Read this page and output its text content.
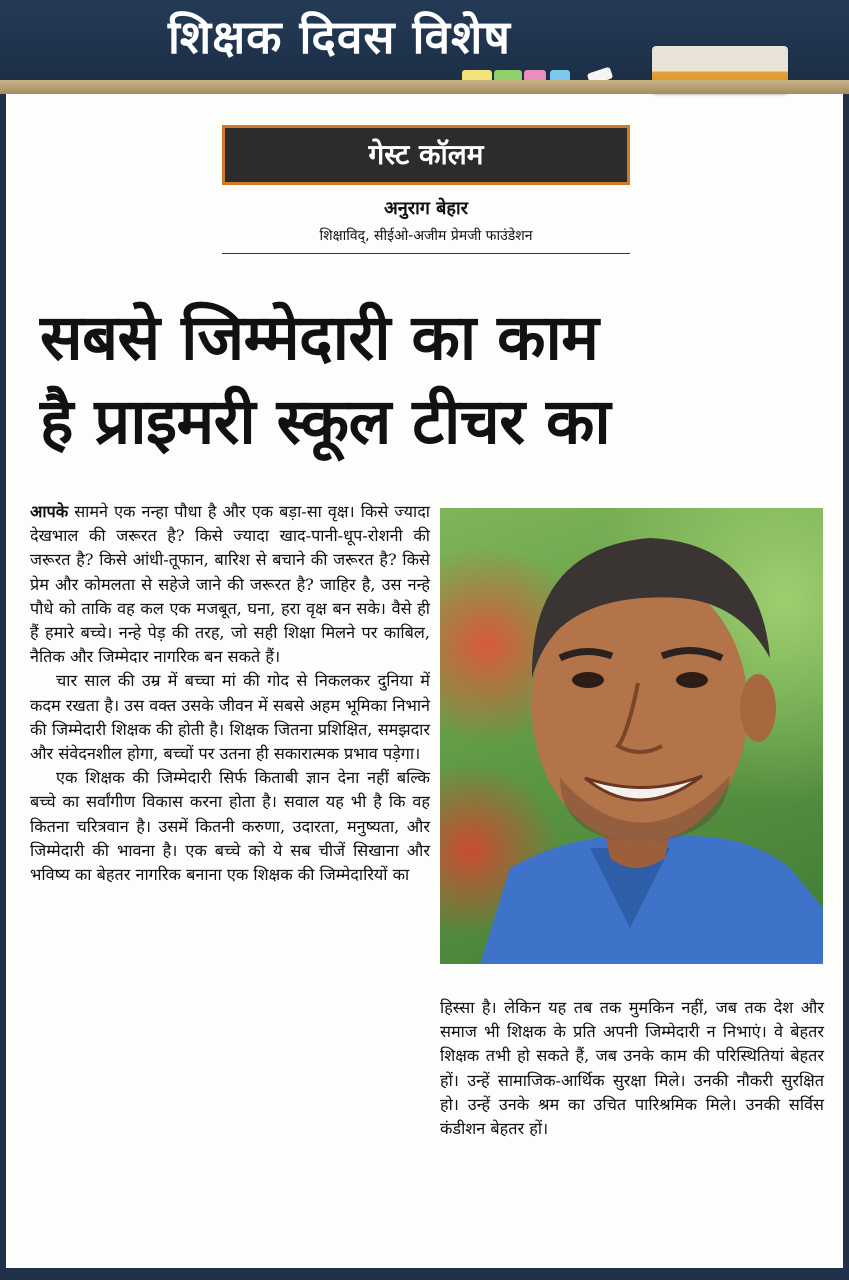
शिक्षक दिवस विशेष
गेस्ट कॉलम
अनुराग बेहार
शिक्षाविद्, सीईओ-अजीम प्रेमजी फाउंडेशन
सबसे जिम्मेदारी का काम
है प्राइमरी स्कूल टीचर का

आपके सामने एक नन्हा पौधा है और एक बड़ा-सा वृक्ष। किसे ज्यादा देखभाल की जरूरत है? किसे ज्यादा खाद-पानी-धूप-रोशनी की जरूरत है? किसे आंधी-तूफान, बारिश से बचाने की जरूरत है? किसे प्रेम और कोमलता से सहेजे जाने की जरूरत है? जाहिर है, उस नन्हे पौधे को ताकि वह कल एक मजबूत, घना, हरा वृक्ष बन सके। वैसे ही हैं हमारे बच्चे। नन्हे पेड़ की तरह, जो सही शिक्षा मिलने पर काबिल, नैतिक और जिम्मेदार नागरिक बन सकते हैं।

चार साल की उम्र में बच्चा मां की गोद से निकलकर दुनिया में कदम रखता है। उस वक्त उसके जीवन में सबसे अहम भूमिका निभाने की जिम्मेदारी शिक्षक की होती है। शिक्षक जितना प्रशिक्षित, समझदार और संवेदनशील होगा, बच्चों पर उतना ही सकारात्मक प्रभाव पड़ेगा।

एक शिक्षक की जिम्मेदारी सिर्फ किताबी ज्ञान देना नहीं बल्कि बच्चे का सर्वांगीण विकास करना होता है। सवाल यह भी है कि वह कितना चरित्रवान है। उसमें कितनी करुणा, उदारता, मनुष्यता, और जिम्मेदारी की भावना है। एक बच्चे को ये सब चीजें सिखाना और भविष्य का बेहतर नागरिक बनाना एक शिक्षक की जिम्मेदारियों का

हिस्सा है। लेकिन यह तब तक मुमकिन नहीं, जब तक देश और समाज भी शिक्षक के प्रति अपनी जिम्मेदारी न निभाएं। वे बेहतर शिक्षक तभी हो सकते हैं, जब उनके काम की परिस्थितियां बेहतर हों। उन्हें सामाजिक-आर्थिक सुरक्षा मिले। उनकी नौकरी सुरक्षित हो। उन्हें उनके श्रम का उचित पारिश्रमिक मिले। उनकी सर्विस कंडीशन बेहतर हों।
